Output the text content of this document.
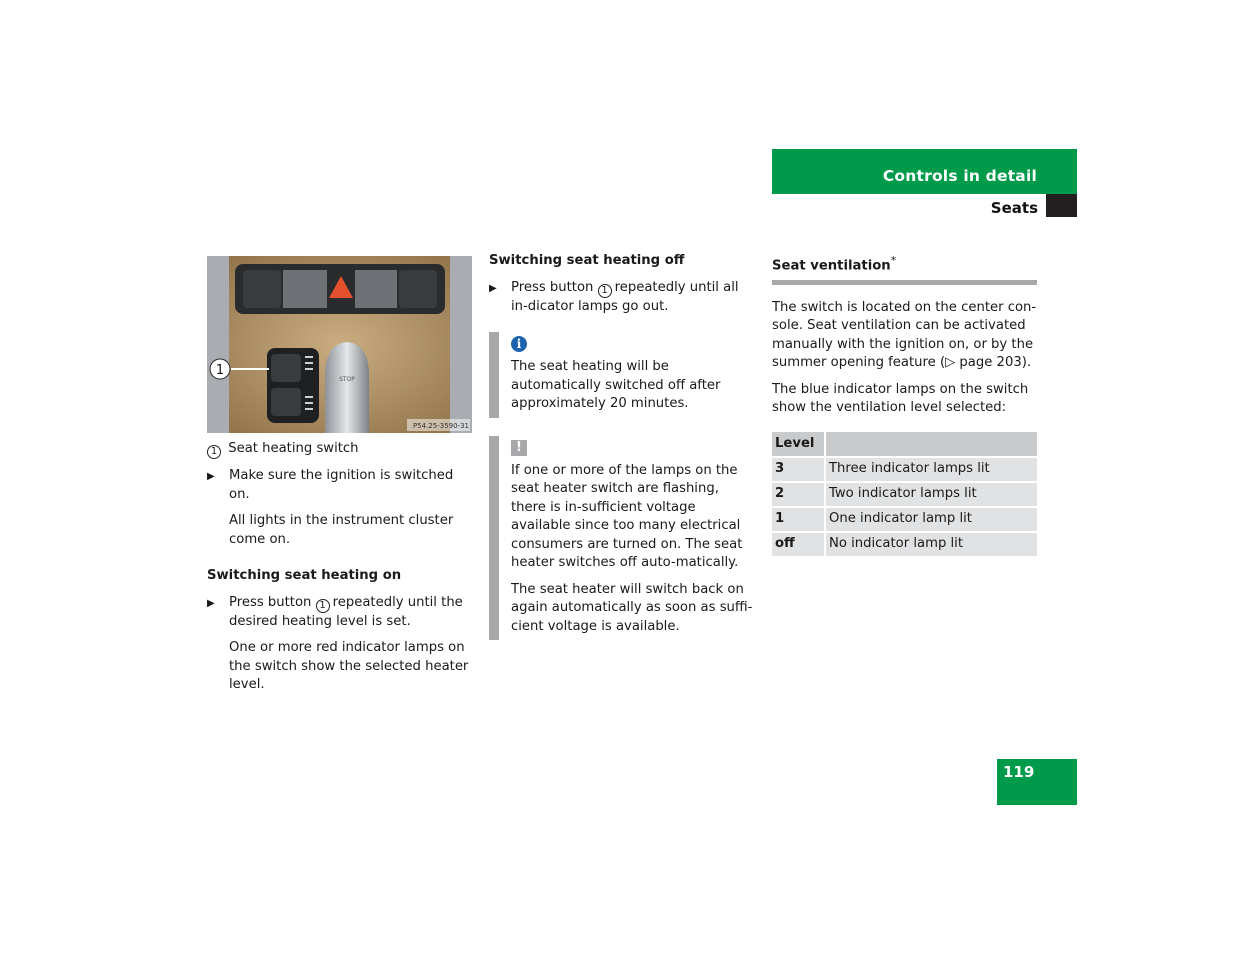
Controls in detail
Seats
1
STOP
P54.25-3590-31
1 Seat heating switch
▶ Make sure the ignition is switched on.
All lights in the instrument cluster come on.
Switching seat heating on
▶ Press button 1 repeatedly until the desired heating level is set.
One or more red indicator lamps on the switch show the selected heater level.
Switching seat heating off
▶ Press button 1 repeatedly until all in-dicator lamps go out.
i
The seat heating will be automatically switched off after approximately 20 minutes.
!
If one or more of the lamps on the seat heater switch are flashing, there is in-sufficient voltage available since too many electrical consumers are turned on. The seat heater switches off auto-matically.
The seat heater will switch back on again automatically as soon as suffi-cient voltage is available.
Seat ventilation*
The switch is located on the center con-sole. Seat ventilation can be activated manually with the ignition on, or by the summer opening feature (▷ page 203).
The blue indicator lamps on the switch show the ventilation level selected:
Level	
3	Three indicator lamps lit
2	Two indicator lamps lit
1	One indicator lamp lit
off	No indicator lamp lit
119
